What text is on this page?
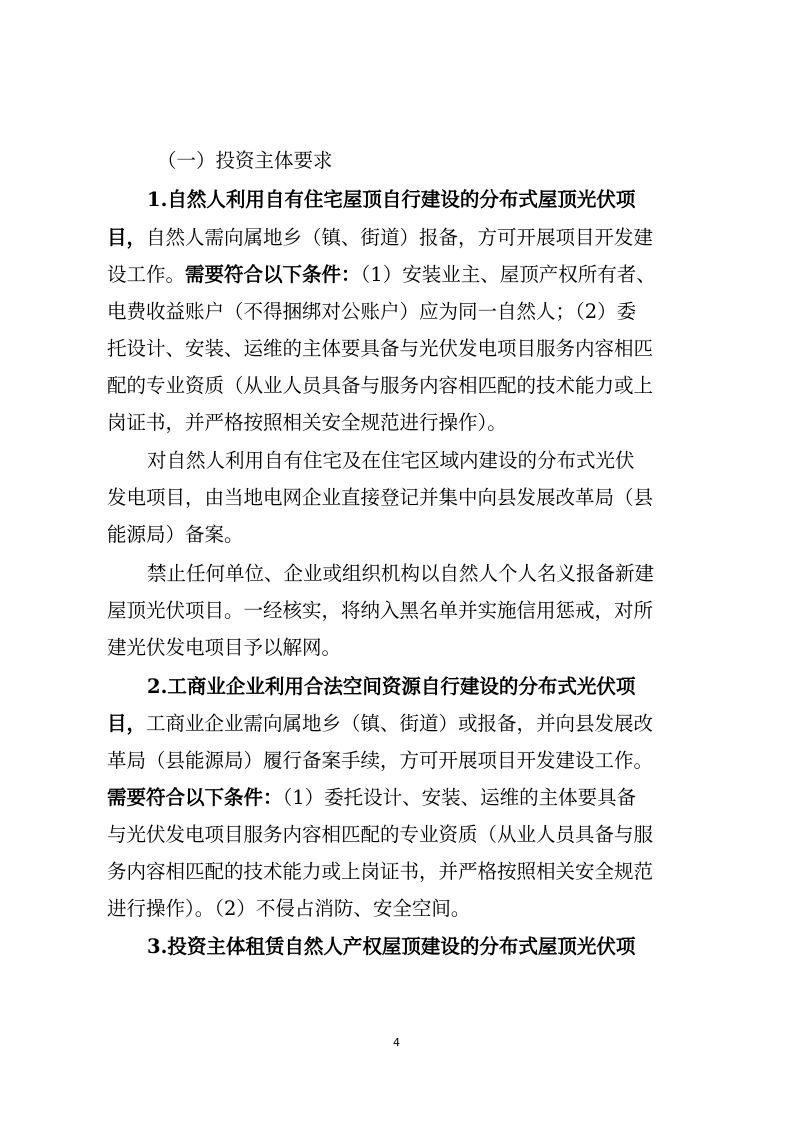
（一）投资主体要求
1.自然人利用自有住宅屋顶自行建设的分布式屋顶光伏项
目，自然人需向属地乡（镇、街道）报备，方可开展项目开发建
设工作。需要符合以下条件：（1）安装业主、屋顶产权所有者、
电费收益账户（不得捆绑对公账户）应为同一自然人；（2）委
托设计、安装、运维的主体要具备与光伏发电项目服务内容相匹
配的专业资质（从业人员具备与服务内容相匹配的技术能力或上
岗证书，并严格按照相关安全规范进行操作）。
对自然人利用自有住宅及在住宅区域内建设的分布式光伏
发电项目，由当地电网企业直接登记并集中向县发展改革局（县
能源局）备案。
禁止任何单位、企业或组织机构以自然人个人名义报备新建
屋顶光伏项目。一经核实，将纳入黑名单并实施信用惩戒，对所
建光伏发电项目予以解网。
2.工商业企业利用合法空间资源自行建设的分布式光伏项
目，工商业企业需向属地乡（镇、街道）或报备，并向县发展改
革局（县能源局）履行备案手续，方可开展项目开发建设工作。
需要符合以下条件：（1）委托设计、安装、运维的主体要具备
与光伏发电项目服务内容相匹配的专业资质（从业人员具备与服
务内容相匹配的技术能力或上岗证书，并严格按照相关安全规范
进行操作）。（2）不侵占消防、安全空间。
3.投资主体租赁自然人产权屋顶建设的分布式屋顶光伏项
4
